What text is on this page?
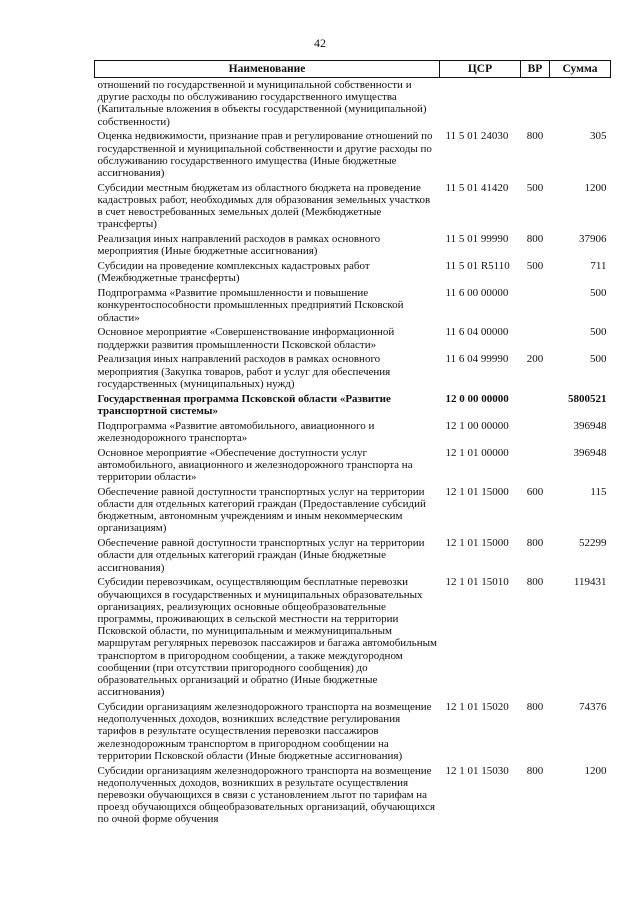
42
Наименование	ЦСР	ВР	Сумма
отношений по государственной и муниципальной собственности и другие расходы по обслуживанию государственного имущества (Капитальные вложения в объекты государственной (муниципальной) собственности)			
Оценка недвижимости, признание прав и регулирование отношений по государственной и муниципальной собственности и другие расходы по обслуживанию государственного имущества (Иные бюджетные ассигнования)	11 5 01 24030	800	305
Субсидии местным бюджетам из областного бюджета на проведение кадастровых работ, необходимых для образования земельных участков в счет невостребованных земельных долей (Межбюджетные трансферты)	11 5 01 41420	500	1200
Реализация иных направлений расходов в рамках основного мероприятия (Иные бюджетные ассигнования)	11 5 01 99990	800	37906
Субсидии на проведение комплексных кадастровых работ (Межбюджетные трансферты)	11 5 01 R5110	500	711
Подпрограмма «Развитие промышленности и повышение конкурентоспособности промышленных предприятий Псковской области»	11 6 00 00000		500
Основное мероприятие «Совершенствование информационной поддержки развития промышленности Псковской области»	11 6 04 00000		500
Реализация иных направлений расходов в рамках основного мероприятия (Закупка товаров, работ и услуг для обеспечения государственных (муниципальных) нужд)	11 6 04 99990	200	500
Государственная программа Псковской области «Развитие транспортной системы»	12 0 00 00000		5800521
Подпрограмма «Развитие автомобильного, авиационного и железнодорожного транспорта»	12 1 00 00000		396948
Основное мероприятие «Обеспечение доступности услуг автомобильного, авиационного и железнодорожного транспорта на территории области»	12 1 01 00000		396948
Обеспечение равной доступности транспортных услуг на территории области для отдельных категорий граждан (Предоставление субсидий бюджетным, автономным учреждениям и иным некоммерческим организациям)	12 1 01 15000	600	115
Обеспечение равной доступности транспортных услуг на территории области для отдельных категорий граждан (Иные бюджетные ассигнования)	12 1 01 15000	800	52299
Субсидии перевозчикам, осуществляющим бесплатные перевозки обучающихся в государственных и муниципальных образовательных организациях, реализующих основные общеобразовательные программы, проживающих в сельской местности на территории Псковской области, по муниципальным и межмуниципальным маршрутам регулярных перевозок пассажиров и багажа автомобильным транспортом в пригородном сообщении, а также междугородном сообщении (при отсутствии пригородного сообщения) до образовательных организаций и обратно (Иные бюджетные ассигнования)	12 1 01 15010	800	119431
Субсидии организациям железнодорожного транспорта на возмещение недополученных доходов, возникших вследствие регулирования тарифов в результате осуществления перевозки пассажиров железнодорожным транспортом в пригородном сообщении на территории Псковской области (Иные бюджетные ассигнования)	12 1 01 15020	800	74376
Субсидии организациям железнодорожного транспорта на возмещение недополученных доходов, возникших в результате осуществления перевозки обучающихся в связи с установлением льгот по тарифам на проезд обучающихся общеобразовательных организаций, обучающихся по очной форме обучения	12 1 01 15030	800	1200
